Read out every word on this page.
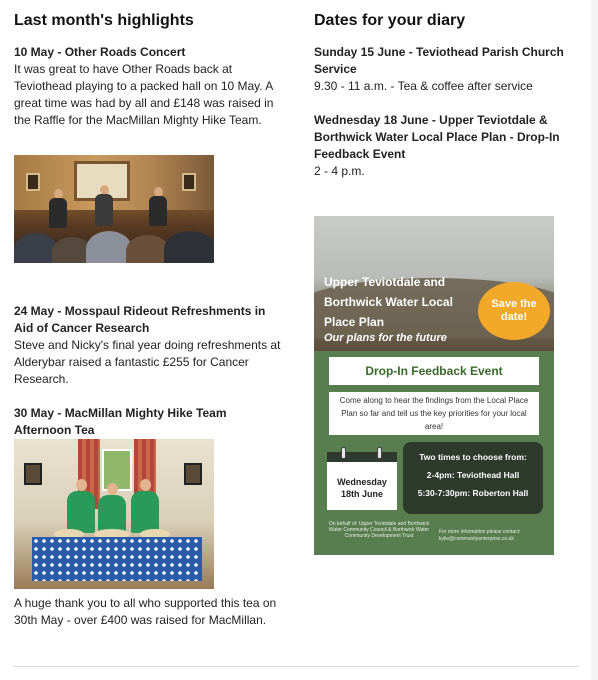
Last month's highlights
10 May - Other Roads Concert
It was great to have Other Roads back at Teviothead playing to a packed hall on 10 May. A great time was had by all and £148 was raised in the Raffle for the MacMillan Mighty Hike Team.
24 May - Mosspaul Rideout Refreshments in Aid of Cancer Research
Steve and Nicky's final year doing refreshments at Alderybar raised a fantastic £255 for Cancer Research.
30 May - MacMillan Mighty Hike Team Afternoon Tea
A huge thank you to all who supported this tea on 30th May - over £400 was raised for MacMillan.
Dates for your diary
Sunday 15 June - Teviothead Parish Church Service
9.30 - 11 a.m. - Tea & coffee after service
Wednesday 18 June - Upper Teviotdale & Borthwick Water Local Place Plan - Drop-In Feedback Event
2 - 4 p.m.
Upper Teviotdale and Borthwick Water Local Place Plan
Our plans for the future
Save the date!
Drop-In Feedback Event
Come along to hear the findings from the Local Place Plan so far and tell us the key priorities for your local area!
Wednesday 18th June
Two times to choose from:
2-4pm: Teviothead Hall
5:30-7:30pm: Roberton Hall
On behalf of: Upper Teviotdale and Borthwick Water Community Council & Borthwick Water Community Development Trust
For more information please contact: kylie@communityenterprise.co.uk
